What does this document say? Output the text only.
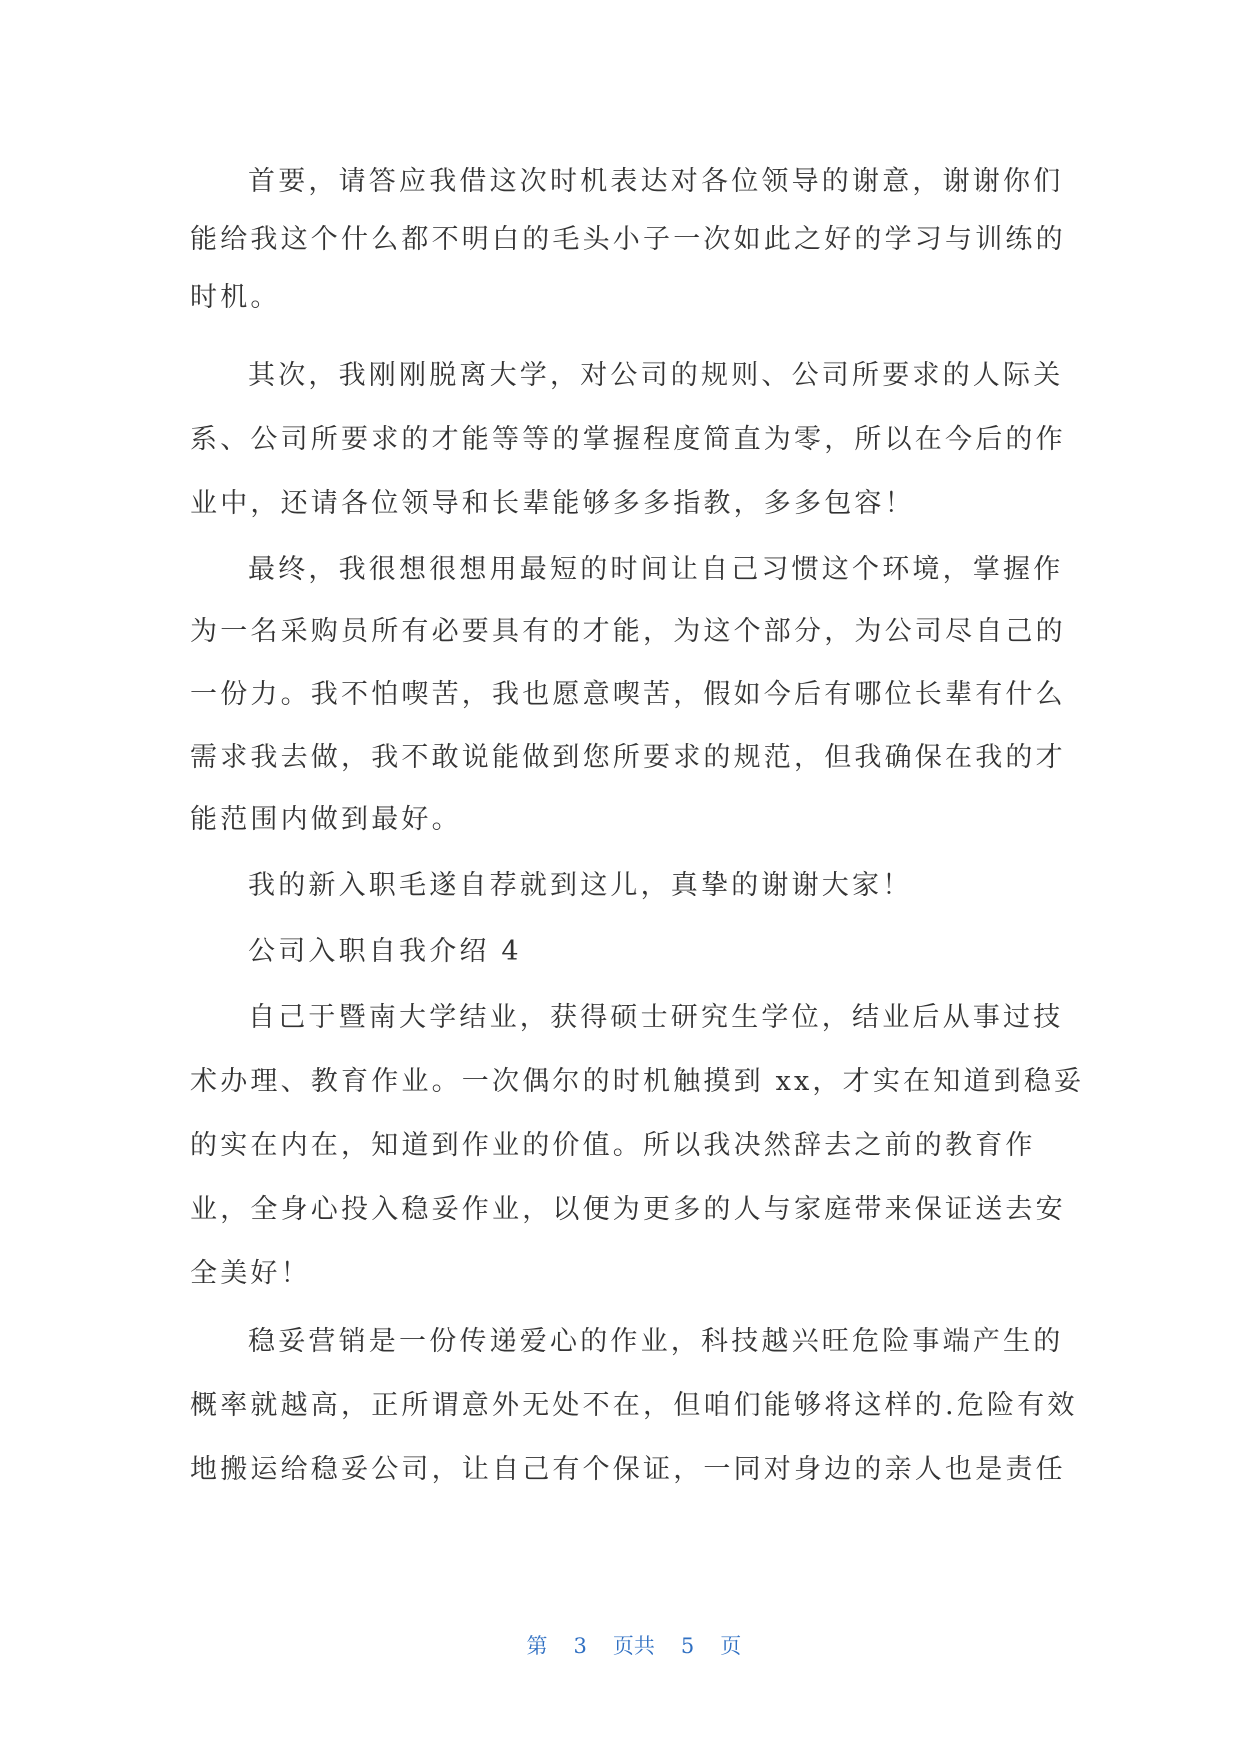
首要，请答应我借这次时机表达对各位领导的谢意，谢谢你们
能给我这个什么都不明白的毛头小子一次如此之好的学习与训练的
时机。
其次，我刚刚脱离大学，对公司的规则、公司所要求的人际关
系、公司所要求的才能等等的掌握程度简直为零，所以在今后的作
业中，还请各位领导和长辈能够多多指教，多多包容！
最终，我很想很想用最短的时间让自己习惯这个环境，掌握作
为一名采购员所有必要具有的才能，为这个部分，为公司尽自己的
一份力。我不怕喫苦，我也愿意喫苦，假如今后有哪位长辈有什么
需求我去做，我不敢说能做到您所要求的规范，但我确保在我的才
能范围内做到最好。
我的新入职毛遂自荐就到这儿，真挚的谢谢大家！
公司入职自我介绍 4
自己于暨南大学结业，获得硕士研究生学位，结业后从事过技
术办理、教育作业。一次偶尔的时机触摸到 xx，才实在知道到稳妥
的实在内在，知道到作业的价值。所以我决然辞去之前的教育作
业，全身心投入稳妥作业，以便为更多的人与家庭带来保证送去安
全美好！
稳妥营销是一份传递爱心的作业，科技越兴旺危险事端产生的
概率就越高，正所谓意外无处不在，但咱们能够将这样的.危险有效
地搬运给稳妥公司，让自己有个保证，一同对身边的亲人也是责任

第 3 页共 5 页
